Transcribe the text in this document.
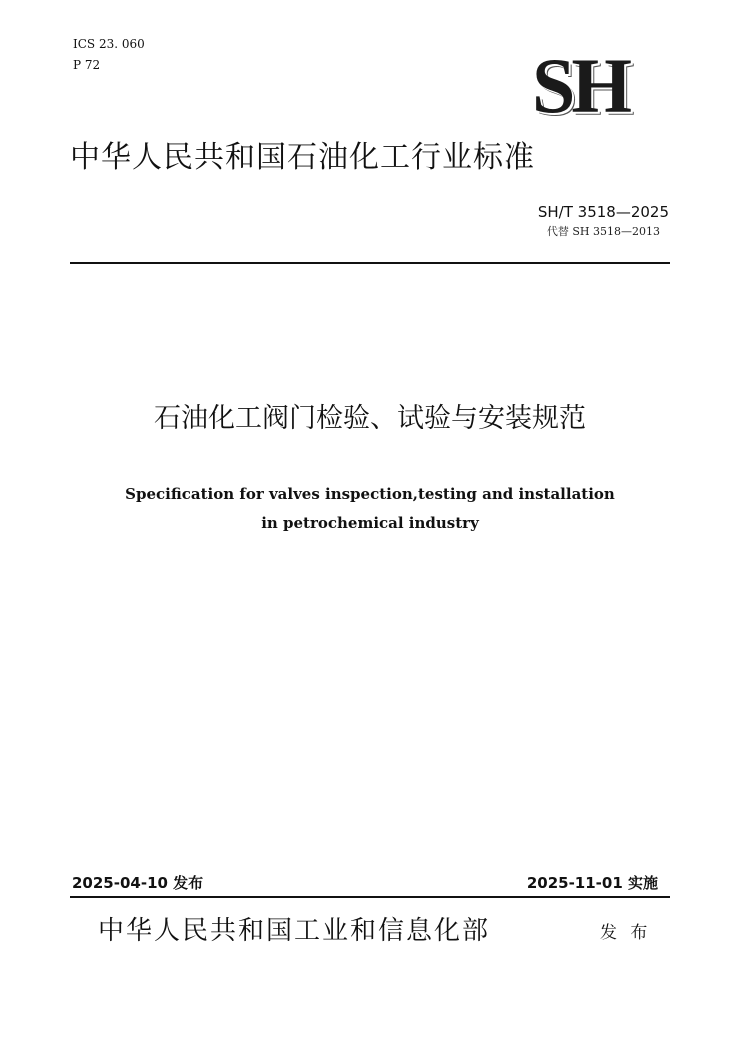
ICS 23. 060
P 72	SH
中华人民共和国石油化工行业标准
SH/T 3518—2025
代替 SH 3518—2013
石油化工阀门检验、试验与安装规范
Specification for valves inspection,testing and installation
in petrochemical industry
2025-04-10 发布	2025-11-01 实施
中华人民共和国工业和信息化部	发 布
